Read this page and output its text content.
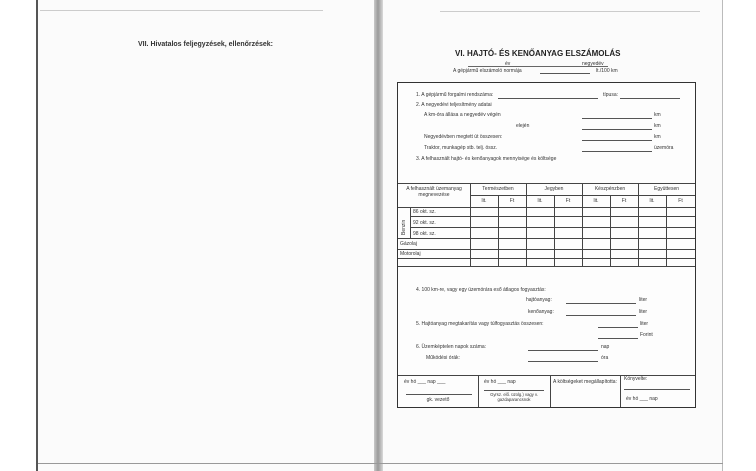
VII. Hivatalos feljegyzések, ellenőrzések:
VI. HAJTÓ- ÉS KENŐANYAG ELSZÁMOLÁS
év	negyedév
A gépjármű elszámoló normája	lt./100 km
1. A gépjármű forgalmi rendszáma:	típusa:
2. A negyedévi teljesítmény adatai
A km-óra állása a negyedév végén	km
elején	km
Negyedévben megtett út összesen:	km
Traktor, munkagép stb. telj. össz.	üzemóra
3. A felhasznált hajtó- és kenőanyagok mennyisége és költsége
A felhasznált üzemanyag megnevezése
Természetben	Jegyben	Készpénzben	Együttesen
lit.	Ft	lit.	Ft	lit.	Ft	lit.	Ft
Benzin
86 okt. sz.
92 okt. sz.
98 okt. sz.
Gázolaj
Motorolaj
4. 100 km-re, vagy egy üzemórára eső átlagos fogyasztás:
hajtóanyag:	liter
kenőanyag:	liter
5. Hajtóanyag megtakarítás vagy túlfogyasztás összesen:	liter
Forint
6. Üzemképtelen napok száma:	nap
Működési órák:	óra
év hó ___ nap ___
gk. vezető
év hó ___ nap
Gyrsz. elő. üzolg.) vagy v. gazdaparancsnok
A költségeket megállapította:	Könyvelte:
év hó ___ nap
